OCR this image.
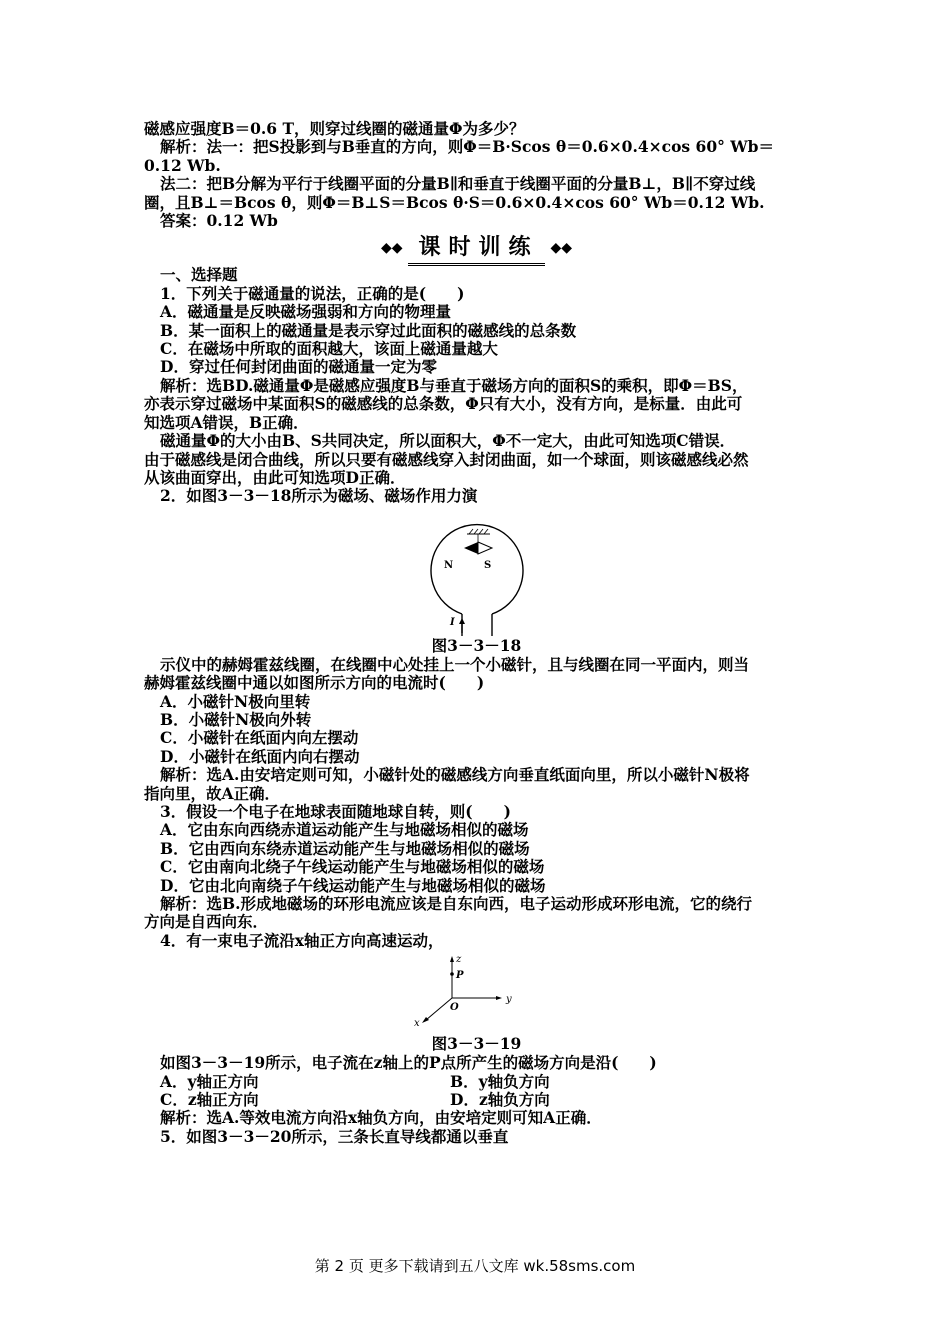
磁感应强度B＝0.6 T，则穿过线圈的磁通量Φ为多少？
解析：法一：把S投影到与B垂直的方向，则Φ＝B·Scos θ＝0.6×0.4×cos 60° Wb＝
0.12 Wb.
法二：把B分解为平行于线圈平面的分量B∥和垂直于线圈平面的分量B⊥，B∥不穿过线
圈，且B⊥＝Bcos θ，则Φ＝B⊥S＝Bcos θ·S＝0.6×0.4×cos 60° Wb＝0.12 Wb.
答案：0.12 Wb
◆◆ 课时训练 ◆◆
一、选择题
1．下列关于磁通量的说法，正确的是(　　)
A．磁通量是反映磁场强弱和方向的物理量
B．某一面积上的磁通量是表示穿过此面积的磁感线的总条数
C．在磁场中所取的面积越大，该面上磁通量越大
D．穿过任何封闭曲面的磁通量一定为零
解析：选BD.磁通量Φ是磁感应强度B与垂直于磁场方向的面积S的乘积，即Φ＝BS，
亦表示穿过磁场中某面积S的磁感线的总条数，Φ只有大小，没有方向，是标量．由此可
知选项A错误，B正确．
磁通量Φ的大小由B、S共同决定，所以面积大，Φ不一定大，由此可知选项C错误．
由于磁感线是闭合曲线，所以只要有磁感线穿入封闭曲面，如一个球面，则该磁感线必然
从该曲面穿出，由此可知选项D正确．
2．如图3－3－18所示为磁场、磁场作用力演
N	S
I
图3－3－18
示仪中的赫姆霍兹线圈，在线圈中心处挂上一个小磁针，且与线圈在同一平面内，则当
赫姆霍兹线圈中通以如图所示方向的电流时(　　)
A．小磁针N极向里转
B．小磁针N极向外转
C．小磁针在纸面内向左摆动
D．小磁针在纸面内向右摆动
解析：选A.由安培定则可知，小磁针处的磁感线方向垂直纸面向里，所以小磁针N极将
指向里，故A正确．
3．假设一个电子在地球表面随地球自转，则(　　)
A．它由东向西绕赤道运动能产生与地磁场相似的磁场
B．它由西向东绕赤道运动能产生与地磁场相似的磁场
C．它由南向北绕子午线运动能产生与地磁场相似的磁场
D．它由北向南绕子午线运动能产生与地磁场相似的磁场
解析：选B.形成地磁场的环形电流应该是自东向西，电子运动形成环形电流，它的绕行
方向是自西向东．
4．有一束电子流沿x轴正方向高速运动，
z
P
O
y
x
图3－3－19
如图3－3－19所示，电子流在z轴上的P点所产生的磁场方向是沿(　　)
A．y轴正方向	B．y轴负方向
C．z轴正方向	D．z轴负方向
解析：选A.等效电流方向沿x轴负方向，由安培定则可知A正确．
5．如图3－3－20所示，三条长直导线都通以垂直
第 2 页 更多下载请到五八文库 wk.58sms.com
